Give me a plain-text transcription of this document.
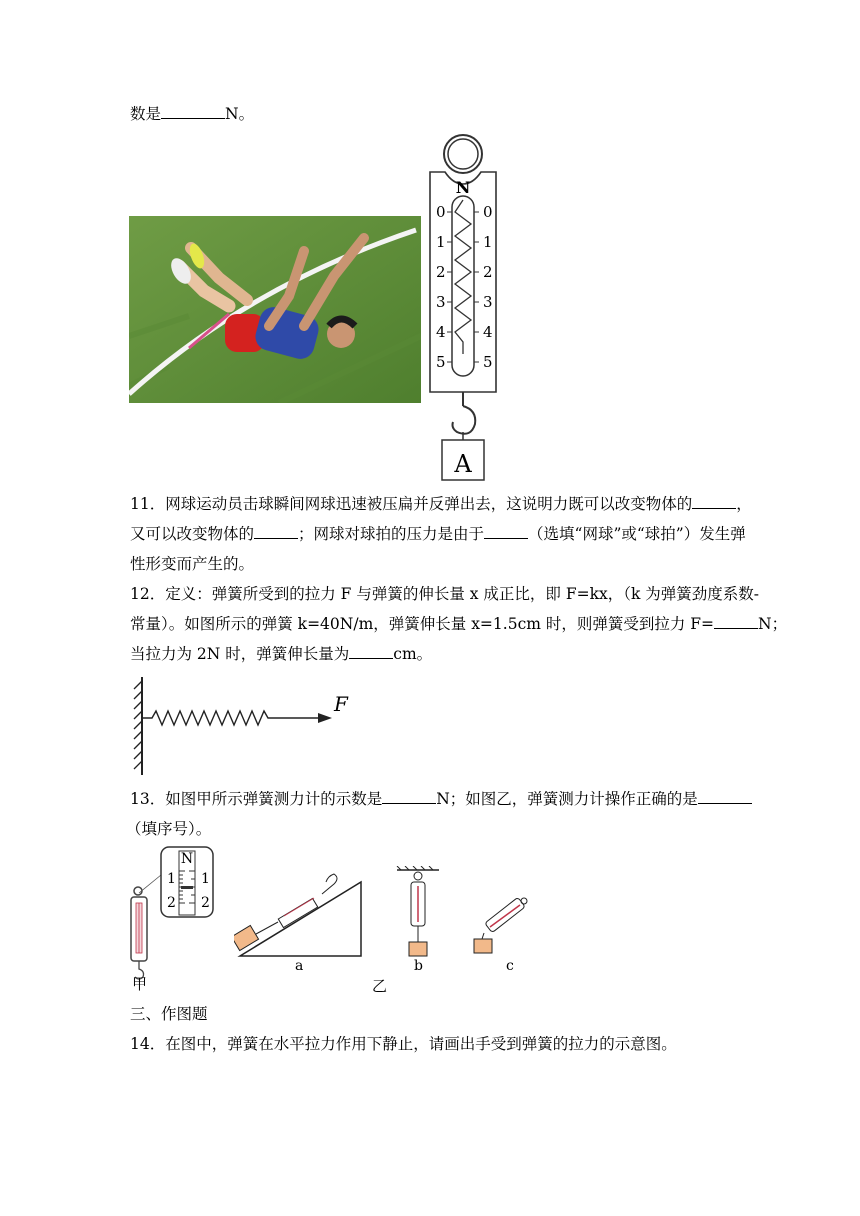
数是	N。
N
0 0
1 1
2 2
3 3
4 4
5 5
A
11．网球运动员击球瞬间网球迅速被压扁并反弹出去，这说明力既可以改变物体的	，
又可以改变物体的	；网球对球拍的压力是由于	（选填“网球”或“球拍”）发生弹
性形变而产生的。
12．定义：弹簧所受到的拉力 F 与弹簧的伸长量 x 成正比，即 F=kx，（k 为弹簧劲度系数-
常量）。如图所示的弹簧 k=40N/m，弹簧伸长量 x=1.5cm 时，则弹簧受到拉力 F=	N；
当拉力为 2N 时，弹簧伸长量为	cm。
F
13．如图甲所示弹簧测力计的示数是	N；如图乙，弹簧测力计操作正确的是
（填序号）。
N
1 1
2 2
甲
a	b
乙
c
三、作图题
14．在图中，弹簧在水平拉力作用下静止，请画出手受到弹簧的拉力的示意图。
